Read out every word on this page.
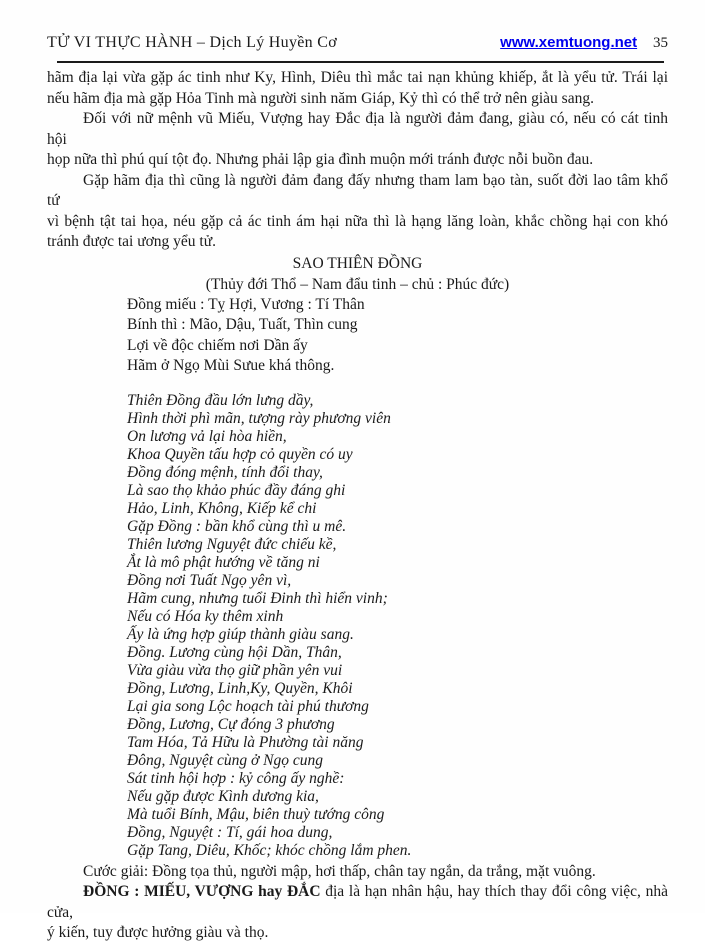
TỬ VI THỰC HÀNH – Dịch Lý Huyền Cơ	www.xemtuong.net 35
hãm địa lại vừa gặp ác tinh như Ky, Hình, Diêu thì mắc tai nạn khủng khiếp, ắt là yểu tử. Trái lại
nếu hãm địa mà gặp Hỏa Tinh mà người sinh năm Giáp, Kỷ thì có thể trở nên giàu sang.
Đối với nữ mệnh vũ Miếu, Vượng hay Đắc địa là người đảm đang, giàu có, nếu có cát tinh hội
họp nữa thì phú quí tột đọ. Nhưng phải lập gia đình muộn mới tránh được nỗi buồn đau.
Gặp hãm địa thì cũng là người đảm đang đấy nhưng tham lam bạo tàn, suốt đời lao tâm khổ tứ
vì bệnh tật tai họa, néu gặp cả ác tinh ám hại nữa thì là hạng lăng loàn, khắc chồng hại con khó
tránh được tai ương yểu tử.
SAO THIÊN ĐỒNG
(Thủy đới Thổ – Nam đẩu tinh – chủ : Phúc đức)
Đồng miếu : Tỵ Hợi, Vương : Tí Thân
Bính thì : Mão, Dậu, Tuất, Thìn cung
Lợi về độc chiếm nơi Dần ấy
Hãm ở Ngọ Mùi Sưue khá thông.
Thiên Đồng đầu lớn lưng dầy,
Hình thời phì mãn, tượng rày phương viên
On lương vả lại hòa hiền,
Khoa Quyền tấu hợp cỏ quyền có uy
Đồng đóng mệnh, tính đổi thay,
Là sao thọ khảo phúc đầy đáng ghi
Hảo, Linh, Không, Kiếp kể chi
Gặp Đồng : bần khổ cùng thì u mê.
Thiên lương Nguyệt đức chiếu kề,
Ắt là mô phật hướng về tăng ni
Đồng nơi Tuất Ngọ yên vì,
Hãm cung, nhưng tuổi Đinh thì hiển vinh;
Nếu có Hóa ky thêm xinh
Ấy là ứng hợp giúp thành giàu sang.
Đồng. Lương cùng hội Dần, Thân,
Vừa giàu vừa thọ giữ phần yên vui
Đồng, Lương, Linh,Ky, Quyền, Khôi
Lại gia song Lộc hoạch tài phú thương
Đồng, Lương, Cự đóng 3 phương
Tam Hóa, Tả Hữu là Phường tài năng
Đông, Nguyệt cùng ở Ngọ cung
Sát tinh hội hợp : kỷ công ấy nghề:
Nếu gặp được Kình dương kia,
Mà tuổi Bính, Mậu, biên thuỳ tướng công
Đồng, Nguyệt : Tí, gái hoa dung,
Gặp Tang, Diêu, Khốc; khóc chồng lắm phen.
Cước giải: Đồng tọa thủ, người mập, hơi thấp, chân tay ngắn, da trắng, mặt vuông.
ĐỒNG : MIẾU, VƯỢNG hay ĐẮC địa là hạn nhân hậu, hay thích thay đổi công việc, nhà cửa,
ý kiến, tuy được hưởng giàu và thọ.
